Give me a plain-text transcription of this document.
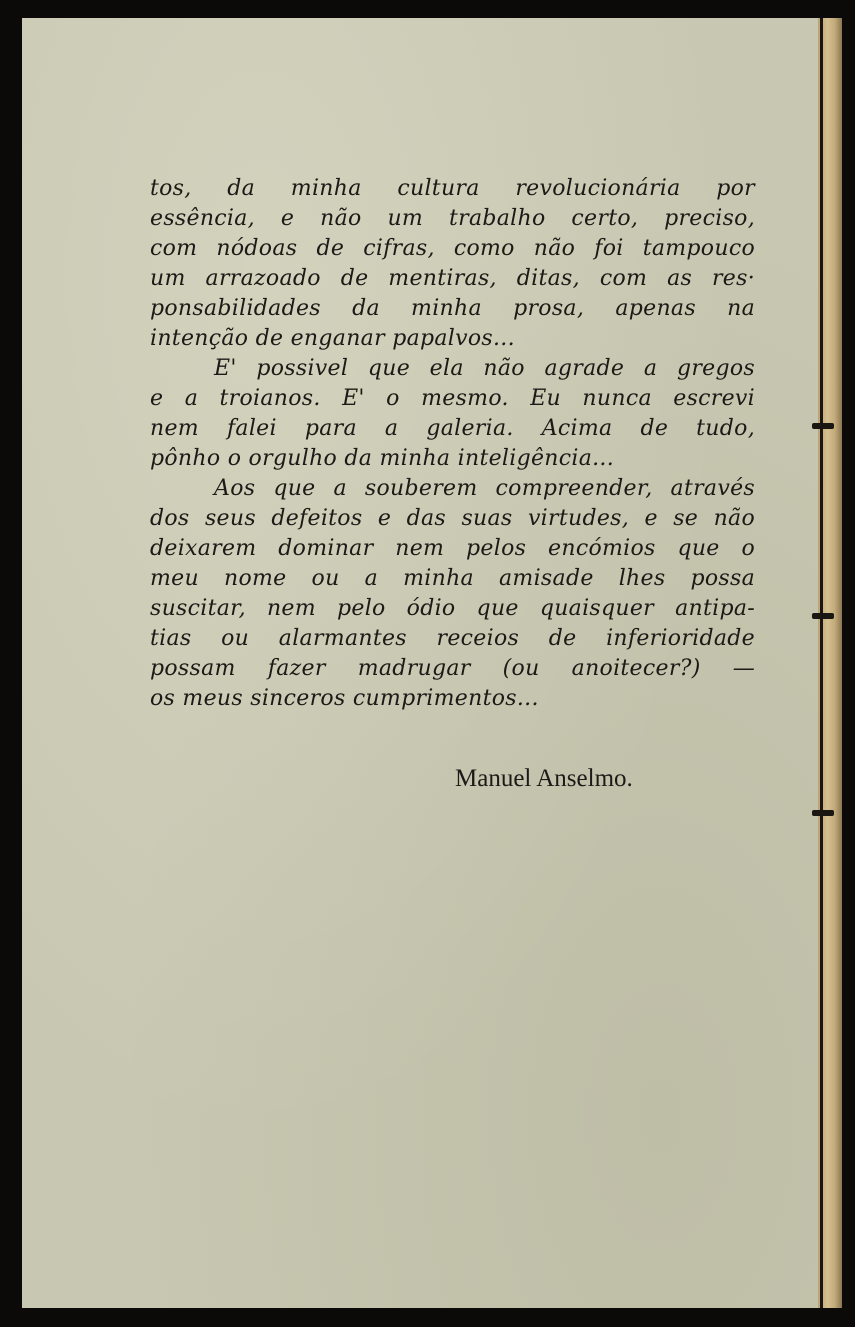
tos, da minha cultura revolucionária por
essência, e não um trabalho certo, preciso,
com nódoas de cifras, como não foi tampouco
um arrazoado de mentiras, ditas, com as res·
ponsabilidades da minha prosa, apenas na
intenção de enganar papalvos...
E' possivel que ela não agrade a gregos
e a troianos. E' o mesmo. Eu nunca escrevi
nem falei para a galeria. Acima de tudo,
pônho o orgulho da minha inteligência...
Aos que a souberem compreender, através
dos seus defeitos e das suas virtudes, e se não
deixarem dominar nem pelos encómios que o
meu nome ou a minha amisade lhes possa
suscitar, nem pelo ódio que quaisquer antipa-
tias ou alarmantes receios de inferioridade
possam fazer madrugar (ou anoitecer?) —
os meus sinceros cumprimentos...
Manuel Anselmo.
